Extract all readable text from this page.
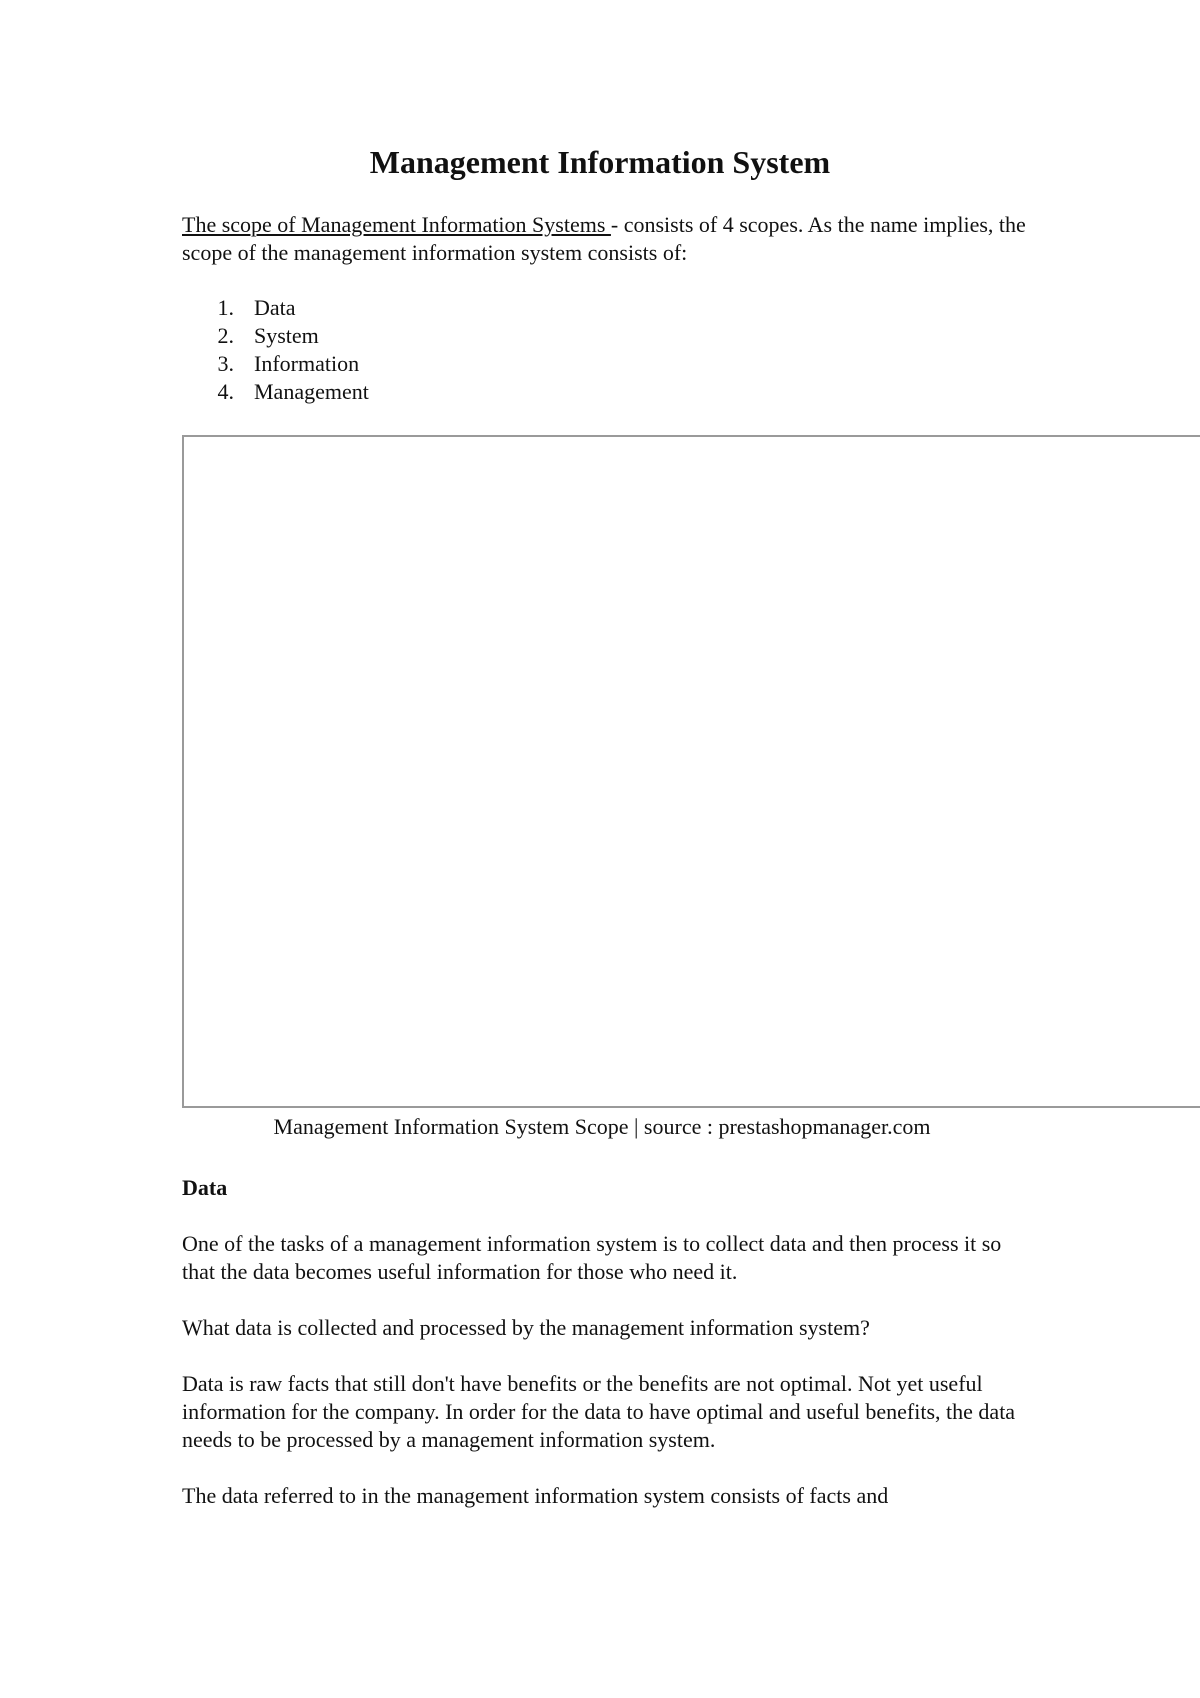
Management Information System

The scope of Management Information Systems - consists of 4 scopes. As the name implies, the scope of the management information system consists of:

1. Data
2. System
3. Information
4. Management

Management Information System Scope | source : prestashopmanager.com

Data

One of the tasks of a management information system is to collect data and then process it so that the data becomes useful information for those who need it.

What data is collected and processed by the management information system?

Data is raw facts that still don't have benefits or the benefits are not optimal. Not yet useful information for the company. In order for the data to have optimal and useful benefits, the data needs to be processed by a management information system.

The data referred to in the management information system consists of facts and
